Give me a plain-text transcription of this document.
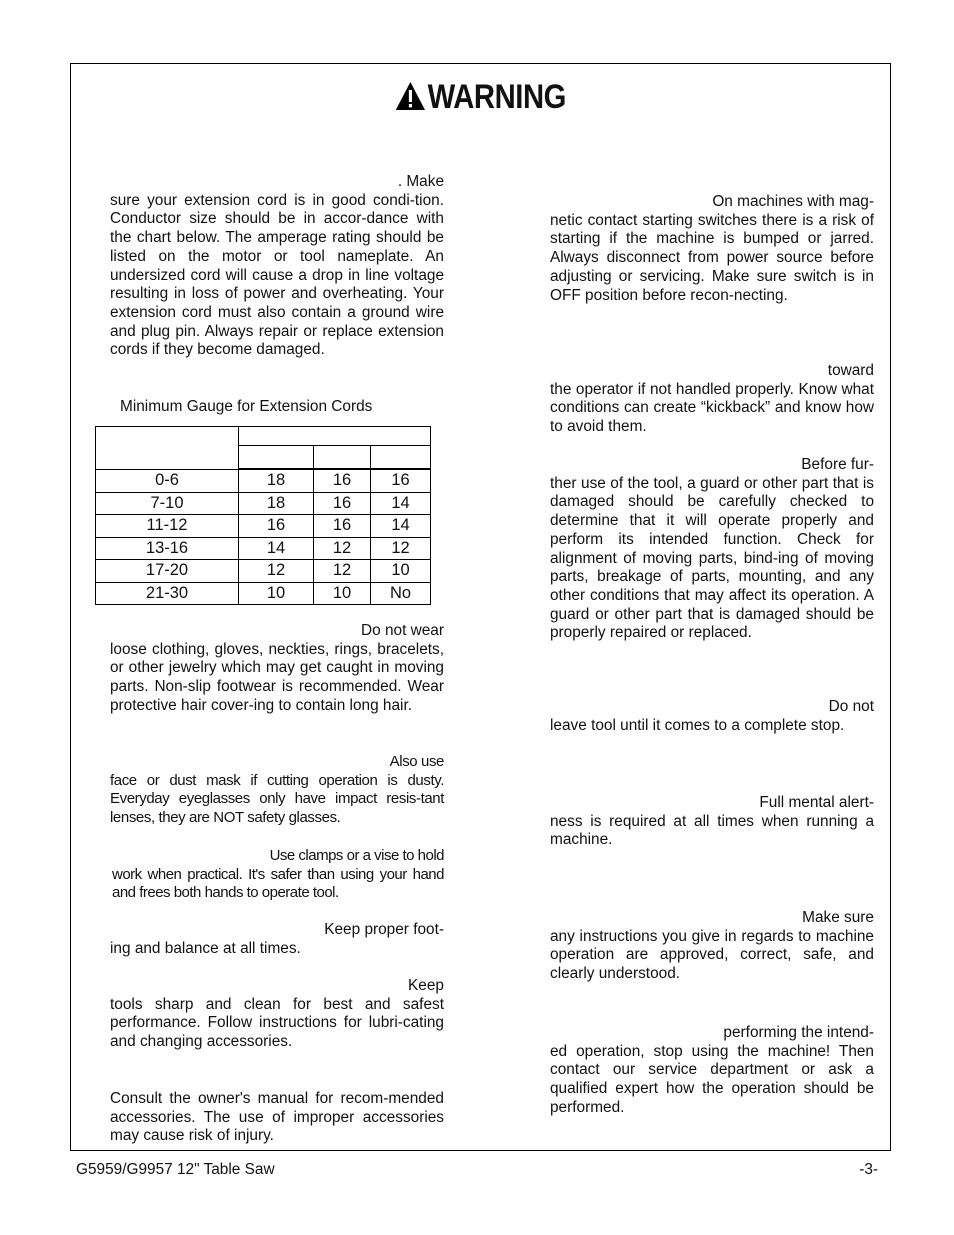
WARNING

. Make

sure your extension cord is in good condi-tion. Conductor size should be in accor-dance with the chart below. The amperage rating should be listed on the motor or tool nameplate. An undersized cord will cause a drop in line voltage resulting in loss of power and overheating. Your extension cord must also contain a ground wire and plug pin. Always repair or replace extension cords if they become damaged.

Minimum Gauge for Extension Cords

0-6	18	16	16
7-10	18	16	14
11-12	16	16	14
13-16	14	12	12
17-20	12	12	10
21-30	10	10	No

Do not wear

loose clothing, gloves, neckties, rings, bracelets, or other jewelry which may get caught in moving parts. Non-slip footwear is recommended. Wear protective hair cover-ing to contain long hair.

Also use

face or dust mask if cutting operation is dusty. Everyday eyeglasses only have impact resis-tant lenses, they are NOT safety glasses.

Use clamps or a vise to hold

work when practical. It's safer than using your hand and frees both hands to operate tool.

Keep proper foot-

ing and balance at all times.

Keep

tools sharp and clean for best and safest performance. Follow instructions for lubri-cating and changing accessories.

Consult the owner's manual for recom-mended accessories. The use of improper accessories may cause risk of injury.

On machines with mag-

netic contact starting switches there is a risk of starting if the machine is bumped or jarred. Always disconnect from power source before adjusting or servicing. Make sure switch is in OFF position before recon-necting.

toward

the operator if not handled properly. Know what conditions can create “kickback” and know how to avoid them.

Before fur-

ther use of the tool, a guard or other part that is damaged should be carefully checked to determine that it will operate properly and perform its intended function. Check for alignment of moving parts, bind-ing of moving parts, breakage of parts, mounting, and any other conditions that may affect its operation. A guard or other part that is damaged should be properly repaired or replaced.

Do not

leave tool until it comes to a complete stop.

Full mental alert-

ness is required at all times when running a machine.

Make sure

any instructions you give in regards to machine operation are approved, correct, safe, and clearly understood.

performing the intend-

ed operation, stop using the machine! Then contact our service department or ask a qualified expert how the operation should be performed.

G5959/G9957 12" Table Saw	-3-
